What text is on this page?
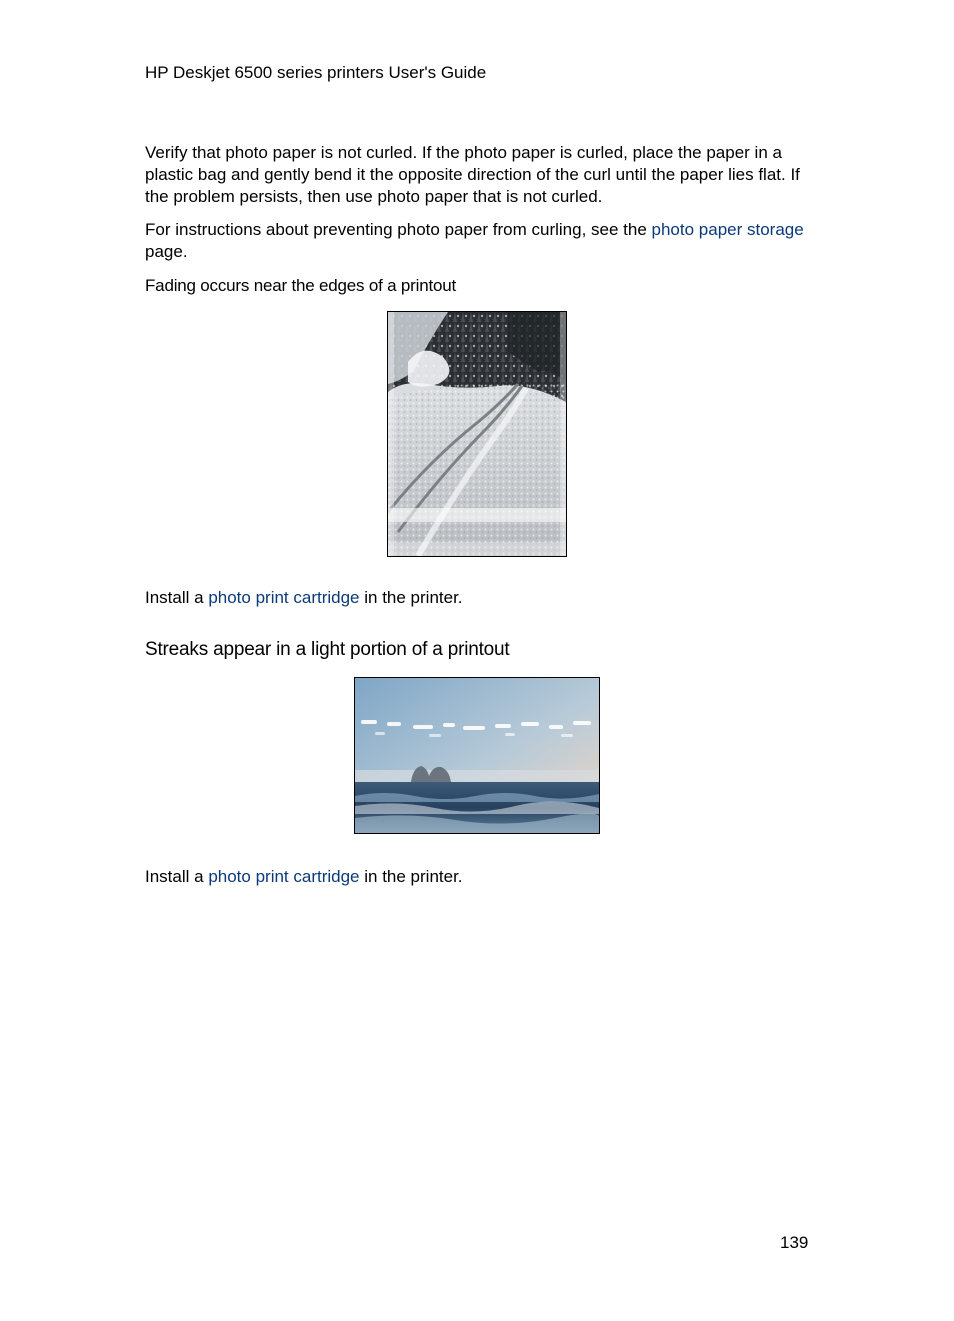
HP Deskjet 6500 series printers User's Guide

Verify that photo paper is not curled. If the photo paper is curled, place the paper in a plastic bag and gently bend it the opposite direction of the curl until the paper lies flat. If the problem persists, then use photo paper that is not curled.

For instructions about preventing photo paper from curling, see the photo paper storage page.

Fading occurs near the edges of a printout

Install a photo print cartridge in the printer.

Streaks appear in a light portion of a printout

Install a photo print cartridge in the printer.

139
